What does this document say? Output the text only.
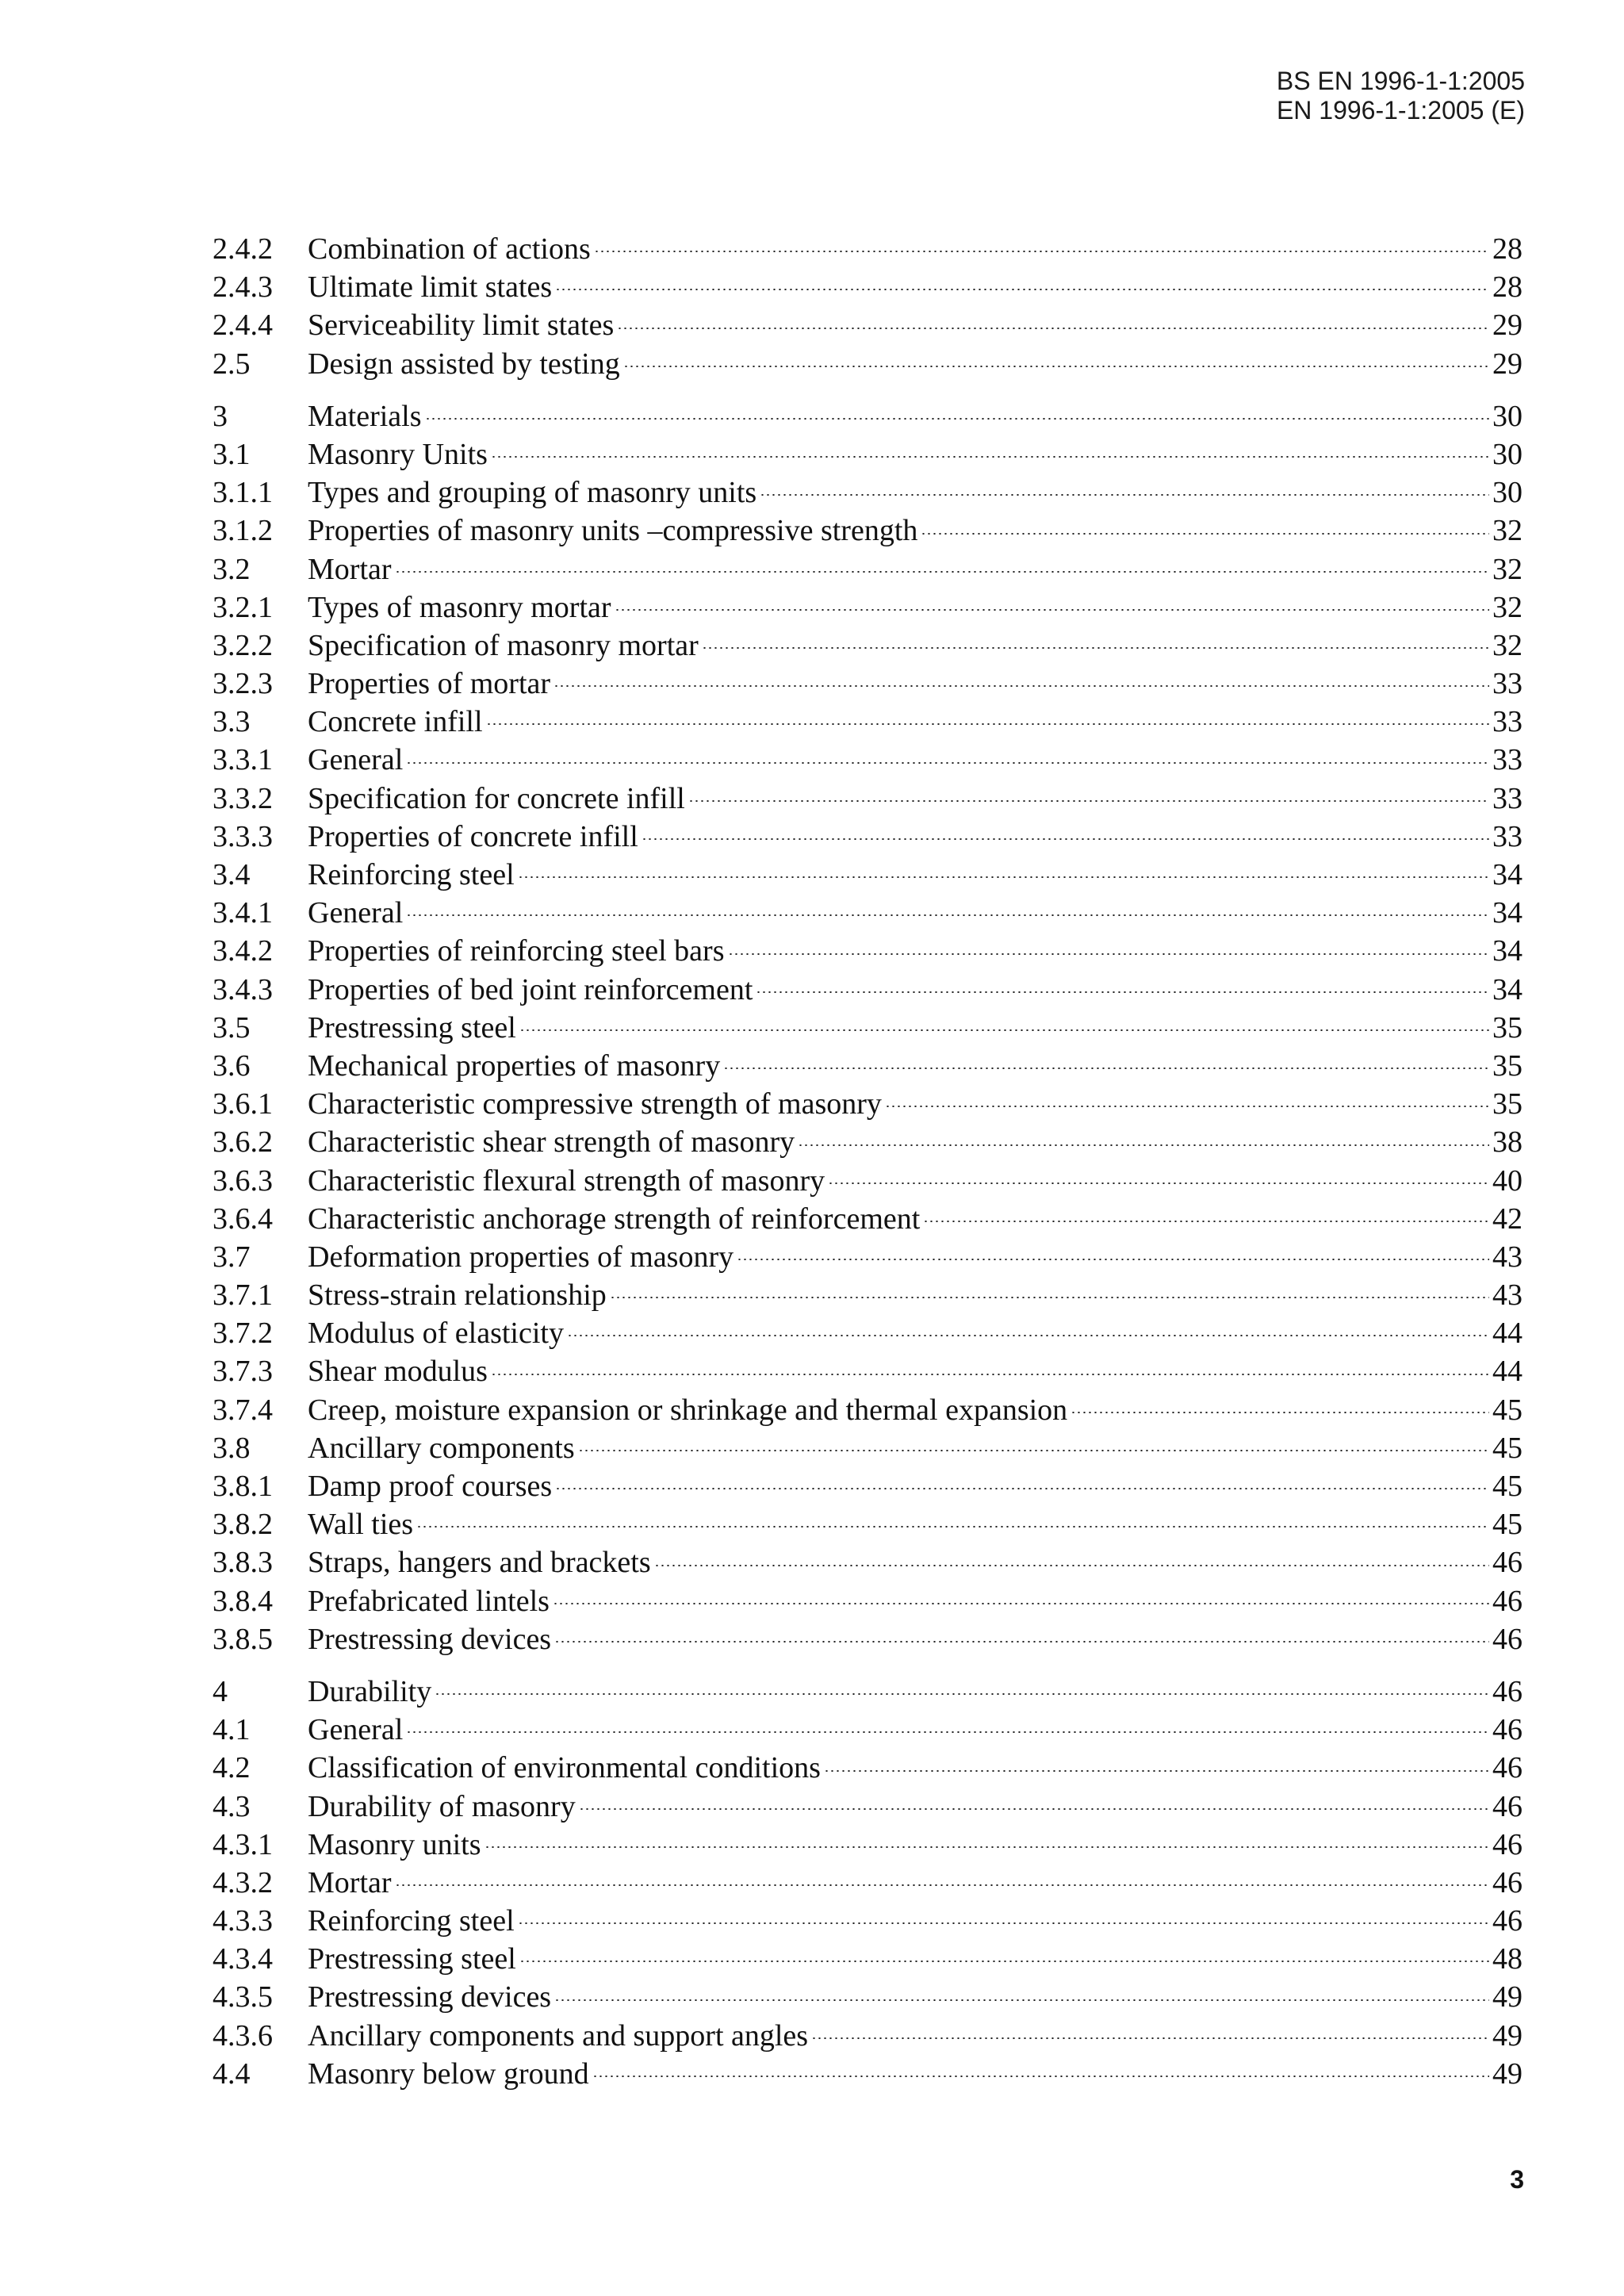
BS EN 1996-1-1:2005
EN 1996-1-1:2005 (E)
2.4.2	Combination of actions	28
2.4.3	Ultimate limit states	28
2.4.4	Serviceability limit states	29
2.5	Design assisted by testing	29
3	Materials	30
3.1	Masonry Units	30
3.1.1	Types and grouping of masonry units	30
3.1.2	Properties of masonry units –compressive strength	32
3.2	Mortar	32
3.2.1	Types of masonry mortar	32
3.2.2	Specification of masonry mortar	32
3.2.3	Properties of mortar	33
3.3	Concrete infill	33
3.3.1	General	33
3.3.2	Specification for concrete infill	33
3.3.3	Properties of concrete infill	33
3.4	Reinforcing steel	34
3.4.1	General	34
3.4.2	Properties of reinforcing steel bars	34
3.4.3	Properties of bed joint reinforcement	34
3.5	Prestressing steel	35
3.6	Mechanical properties of masonry	35
3.6.1	Characteristic compressive strength of masonry	35
3.6.2	Characteristic shear strength of masonry	38
3.6.3	Characteristic flexural strength of masonry	40
3.6.4	Characteristic anchorage strength of reinforcement	42
3.7	Deformation properties of masonry	43
3.7.1	Stress-strain relationship	43
3.7.2	Modulus of elasticity	44
3.7.3	Shear modulus	44
3.7.4	Creep, moisture expansion or shrinkage and thermal expansion	45
3.8	Ancillary components	45
3.8.1	Damp proof courses	45
3.8.2	Wall ties	45
3.8.3	Straps, hangers and brackets	46
3.8.4	Prefabricated lintels	46
3.8.5	Prestressing devices	46
4	Durability	46
4.1	General	46
4.2	Classification of environmental conditions	46
4.3	Durability of masonry	46
4.3.1	Masonry units	46
4.3.2	Mortar	46
4.3.3	Reinforcing steel	46
4.3.4	Prestressing steel	48
4.3.5	Prestressing devices	49
4.3.6	Ancillary components and support angles	49
4.4	Masonry below ground	49
3
